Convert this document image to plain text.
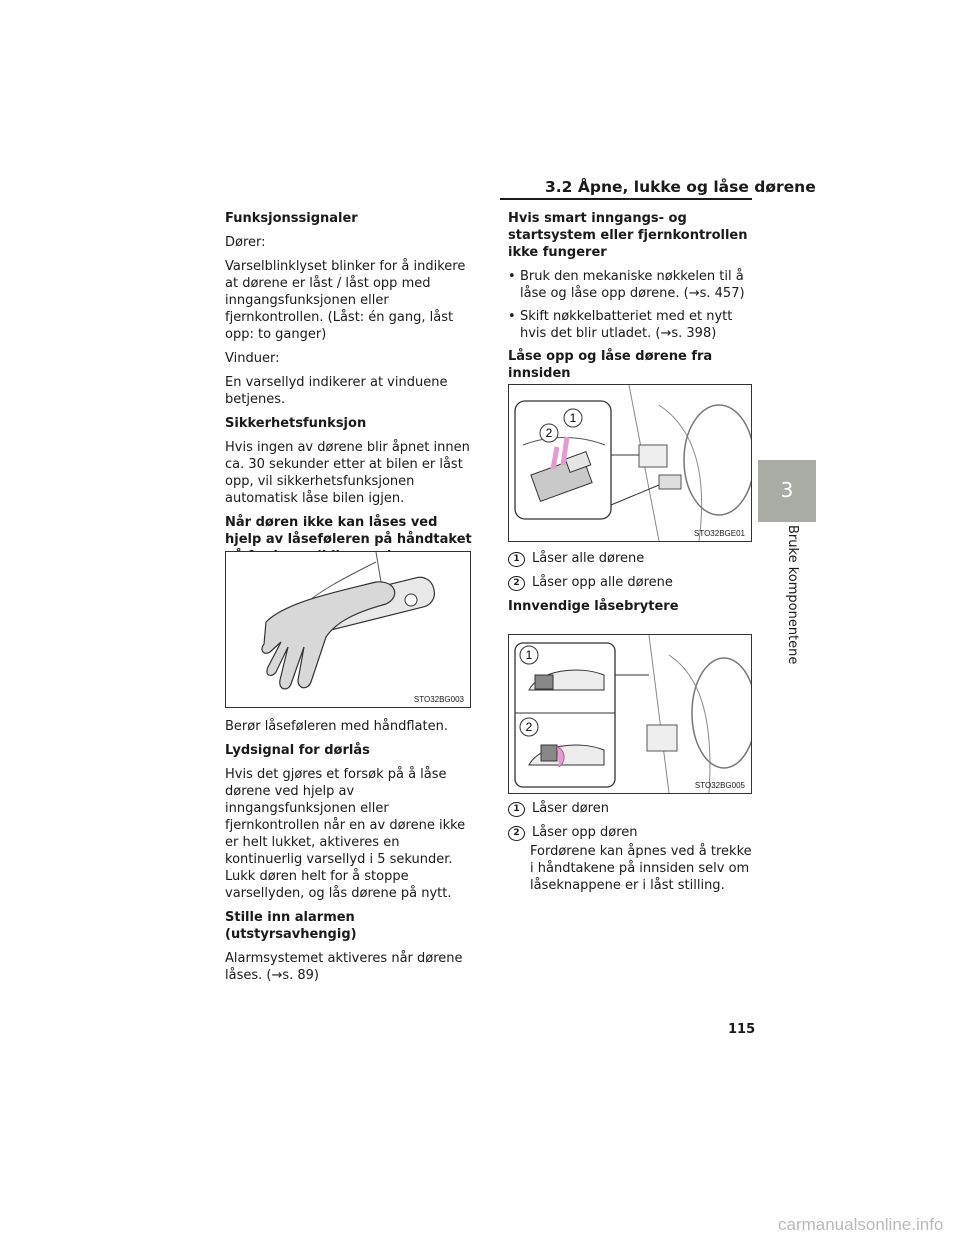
3.2 Åpne, lukke og låse dørene

Funksjonssignaler

Dører:

Varselblinklyset blinker for å indikere at dørene er låst / låst opp med inngangsfunksjonen eller fjernkontrollen. (Låst: én gang, låst opp: to ganger)

Vinduer:

En varsellyd indikerer at vinduene betjenes.

Sikkerhetsfunksjon

Hvis ingen av dørene blir åpnet innen ca. 30 sekunder etter at bilen er låst opp, vil sikkerhetsfunksjonen automatisk låse bilen igjen.

Når døren ikke kan låses ved hjelp av låseføleren på håndtaket

STO32BG003

Berør låseføleren med håndflaten.

Lydsignal for dørlås

Hvis det gjøres et forsøk på å låse dørene ved hjelp av inngangsfunksjonen eller fjernkontrollen når en av dørene ikke er helt lukket, aktiveres en kontinuerlig varsellyd i 5 sekunder. Lukk døren helt for å stoppe varsellyden, og lås dørene på nytt.

Stille inn alarmen (utstyrsavhengig)

Alarmsystemet aktiveres når dørene låses. (→s. 89)

Hvis smart inngangs- og startsystem eller fjernkontrollen ikke fungerer

• Bruk den mekaniske nøkkelen til å låse og låse opp dørene. (→s. 457)
• Skift nøkkelbatteriet med et nytt hvis det blir utladet. (→s. 398)

Låse opp og låse dørene fra innsiden

1
2
STO32BGE01
1 Låser alle dørene
2 Låser opp alle dørene

Innvendige låsebrytere

1
2
STO32BG005
1 Låser døren
2 Låser opp døren
Fordørene kan åpnes ved å trekke i håndtakene på innsiden selv om låseknappene er i låst stilling.
3
Bruke komponentene
115
carmanualsonline.info
